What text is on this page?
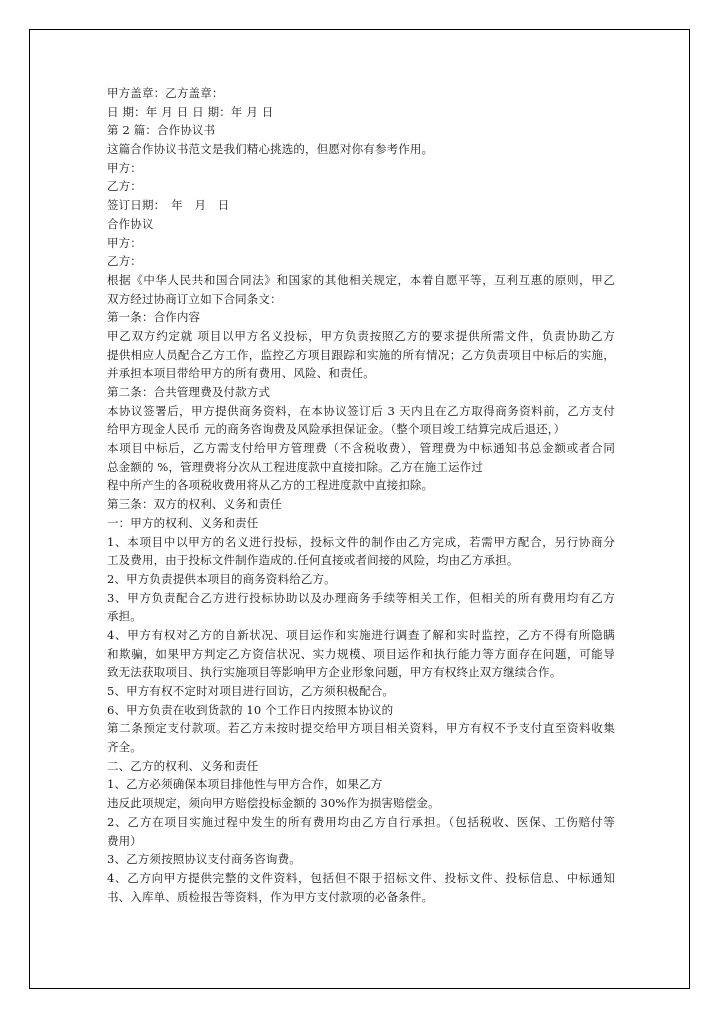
甲方盖章：乙方盖章：
日 期：年 月 日 日 期：年 月 日
第 2 篇：合作协议书
这篇合作协议书范文是我们精心挑选的，但愿对你有参考作用。
甲方：
乙方：
签订日期：　年　月　日
合作协议
甲方：
乙方：
根据《中华人民共和国合同法》和国家的其他相关规定，本着自愿平等，互利互惠的原则，甲乙
双方经过协商订立如下合同条文：
第一条：合作内容
甲乙双方约定就 项目以甲方名义投标，甲方负责按照乙方的要求提供所需文件，负责协助乙方
提供相应人员配合乙方工作，监控乙方项目跟踪和实施的所有情况；乙方负责项目中标后的实施，
并承担本项目带给甲方的所有费用、风险、和责任。
第二条：合共管理费及付款方式
本协议签署后，甲方提供商务资料，在本协议签订后 3 天内且在乙方取得商务资料前，乙方支付
给甲方现金人民币 元的商务咨询费及风险承担保证金。（整个项目竣工结算完成后退还，）
本项目中标后，乙方需支付给甲方管理费（不含税收费），管理费为中标通知书总金额或者合同
总金额的 %，管理费将分次从工程进度款中直接扣除。乙方在施工运作过
程中所产生的各项税收费用将从乙方的工程进度款中直接扣除。
第三条：双方的权利、义务和责任
一：甲方的权利、义务和责任
1、本项目中以甲方的名义进行投标，投标文件的制作由乙方完成，若需甲方配合，另行协商分
工及费用，由于投标文件制作造成的.任何直接或者间接的风险，均由乙方承担。
2、甲方负责提供本项目的商务资料给乙方。
3、甲方负责配合乙方进行投标协助以及办理商务手续等相关工作，但相关的所有费用均有乙方
承担。
4、甲方有权对乙方的自新状况、项目运作和实施进行调查了解和实时监控，乙方不得有所隐瞒
和欺骗，如果甲方判定乙方资信状况、实力规模、项目运作和执行能力等方面存在问题，可能导
致无法获取项目、执行实施项目等影响甲方企业形象问题，甲方有权终止双方继续合作。
5、甲方有权不定时对项目进行回访，乙方须积极配合。
6、甲方负责在收到货款的 10 个工作日内按照本协议的
第二条预定支付款项。若乙方未按时提交给甲方项目相关资料，甲方有权不予支付直至资料收集
齐全。
二、乙方的权利、义务和责任
1、乙方必须确保本项目排他性与甲方合作，如果乙方
违反此项规定，须向甲方赔偿投标金额的 30%作为损害赔偿金。
2、乙方在项目实施过程中发生的所有费用均由乙方自行承担。（包括税收、医保、工伤赔付等
费用）
3、乙方须按照协议支付商务咨询费。
4、乙方向甲方提供完整的文件资料，包括但不限于招标文件、投标文件、投标信息、中标通知
书、入库单、质检报告等资料，作为甲方支付款项的必备条件。
